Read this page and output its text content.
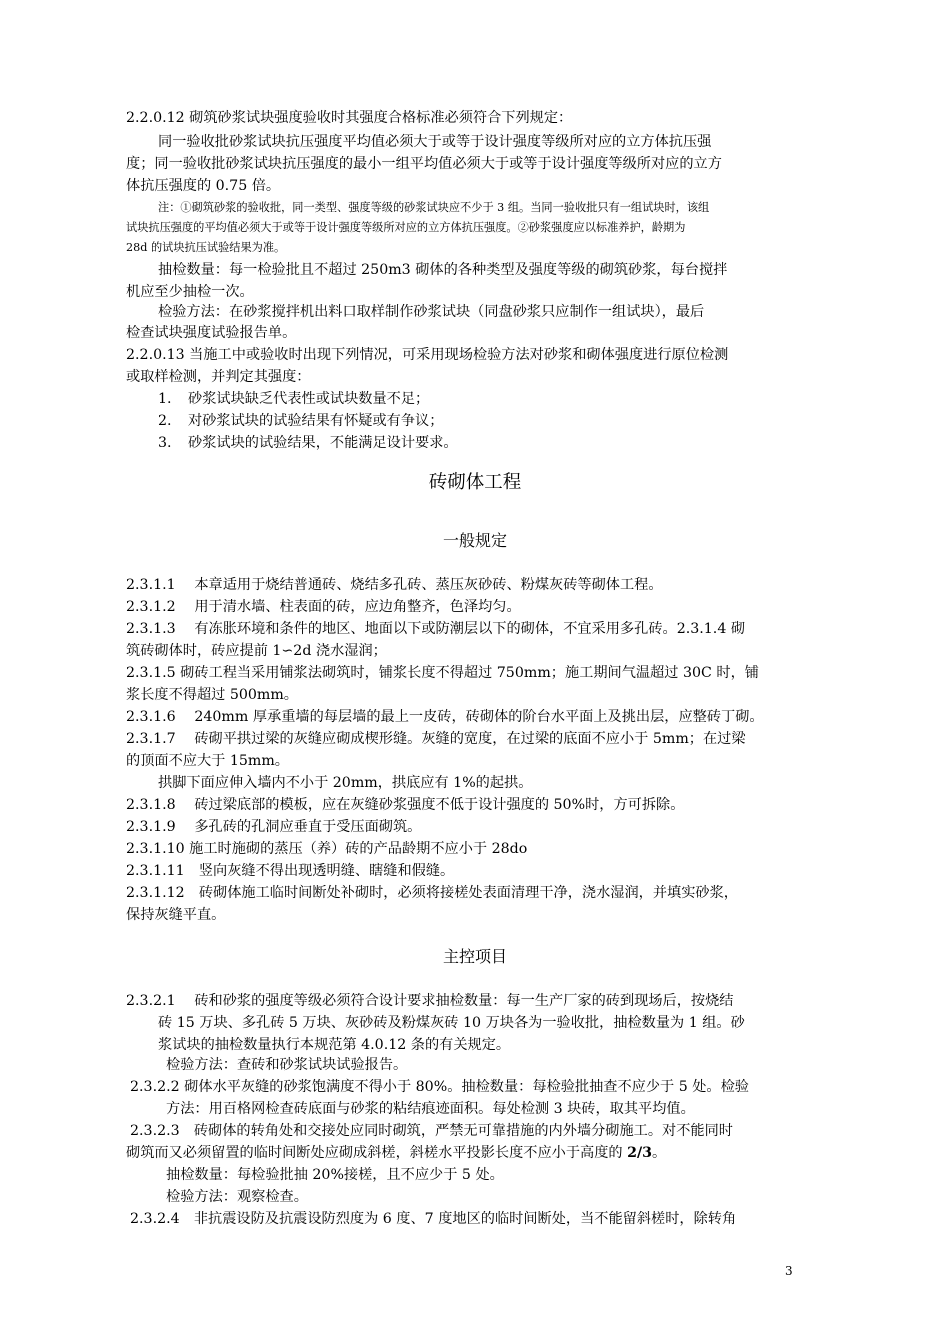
2.2.0.12 砌筑砂浆试块强度验收时其强度合格标准必须符合下列规定：
同一验收批砂浆试块抗压强度平均值必须大于或等于设计强度等级所对应的立方体抗压强
度；同一验收批砂浆试块抗压强度的最小一组平均值必须大于或等于设计强度等级所对应的立方
体抗压强度的 0.75 倍。
注：①砌筑砂浆的验收批，同一类型、强度等级的砂浆试块应不少于 3 组。当同一验收批只有一组试块时，该组
试块抗压强度的平均值必须大于或等于设计强度等级所对应的立方体抗压强度。②砂浆强度应以标准养护，龄期为
28d 的试块抗压试验结果为准。
抽检数量：每一检验批且不超过 250m3 砌体的各种类型及强度等级的砌筑砂浆，每台搅拌
机应至少抽检一次。
检验方法：在砂浆搅拌机出料口取样制作砂浆试块（同盘砂浆只应制作一组试块），最后
检查试块强度试验报告单。
2.2.0.13 当施工中或验收时出现下列情况，可采用现场检验方法对砂浆和砌体强度进行原位检测
或取样检测，并判定其强度：
1. 砂浆试块缺乏代表性或试块数量不足；
2. 对砂浆试块的试验结果有怀疑或有争议；
3. 砂浆试块的试验结果，不能满足设计要求。
砖砌体工程
一般规定
2.3.1.1　 本章适用于烧结普通砖、烧结多孔砖、蒸压灰砂砖、粉煤灰砖等砌体工程。
2.3.1.2　 用于清水墙、柱表面的砖，应边角整齐，色泽均匀。
2.3.1.3　 有冻胀环境和条件的地区、地面以下或防潮层以下的砌体，不宜采用多孔砖。2.3.1.4 砌
筑砖砌体时，砖应提前 1∽2d 浇水湿润；
2.3.1.5 砌砖工程当采用铺浆法砌筑时，铺浆长度不得超过 750mm；施工期间气温超过 30C 时，铺
浆长度不得超过 500mm。
2.3.1.6　 240mm 厚承重墙的每层墙的最上一皮砖，砖砌体的阶台水平面上及挑出层，应整砖丁砌。
2.3.1.7　 砖砌平拱过梁的灰缝应砌成楔形缝。灰缝的宽度，在过梁的底面不应小于 5mm；在过梁
的顶面不应大于 15mm。
拱脚下面应伸入墙内不小于 20mm，拱底应有 1%的起拱。
2.3.1.8　 砖过梁底部的模板，应在灰缝砂浆强度不低于设计强度的 50%时，方可拆除。
2.3.1.9　 多孔砖的孔洞应垂直于受压面砌筑。
2.3.1.10 施工时施砌的蒸压（养）砖的产品龄期不应小于 28do
2.3.1.11　竖向灰缝不得出现透明缝、瞎缝和假缝。
2.3.1.12　砖砌体施工临时间断处补砌时，必须将接槎处表面清理干净，浇水湿润，并填实砂浆，
保持灰缝平直。
主控项目
2.3.2.1　 砖和砂浆的强度等级必须符合设计要求抽检数量：每一生产厂家的砖到现场后，按烧结
砖 15 万块、多孔砖 5 万块、灰砂砖及粉煤灰砖 10 万块各为一验收批，抽检数量为 1 组。砂
浆试块的抽检数量执行本规范第 4.0.12 条的有关规定。
检验方法：查砖和砂浆试块试验报告。
2.3.2.2 砌体水平灰缝的砂浆饱满度不得小于 80%。抽检数量：每检验批抽查不应少于 5 处。检验
方法：用百格网检查砖底面与砂浆的粘结痕迹面积。每处检测 3 块砖，取其平均值。
2.3.2.3　砖砌体的转角处和交接处应同时砌筑，严禁无可靠措施的内外墙分砌施工。对不能同时
砌筑而又必须留置的临时间断处应砌成斜槎，斜槎水平投影长度不应小于高度的 2/3。
抽检数量：每检验批抽 20%接槎，且不应少于 5 处。
检验方法：观察检查。
2.3.2.4　非抗震设防及抗震设防烈度为 6 度、7 度地区的临时间断处，当不能留斜槎时，除转角
3
